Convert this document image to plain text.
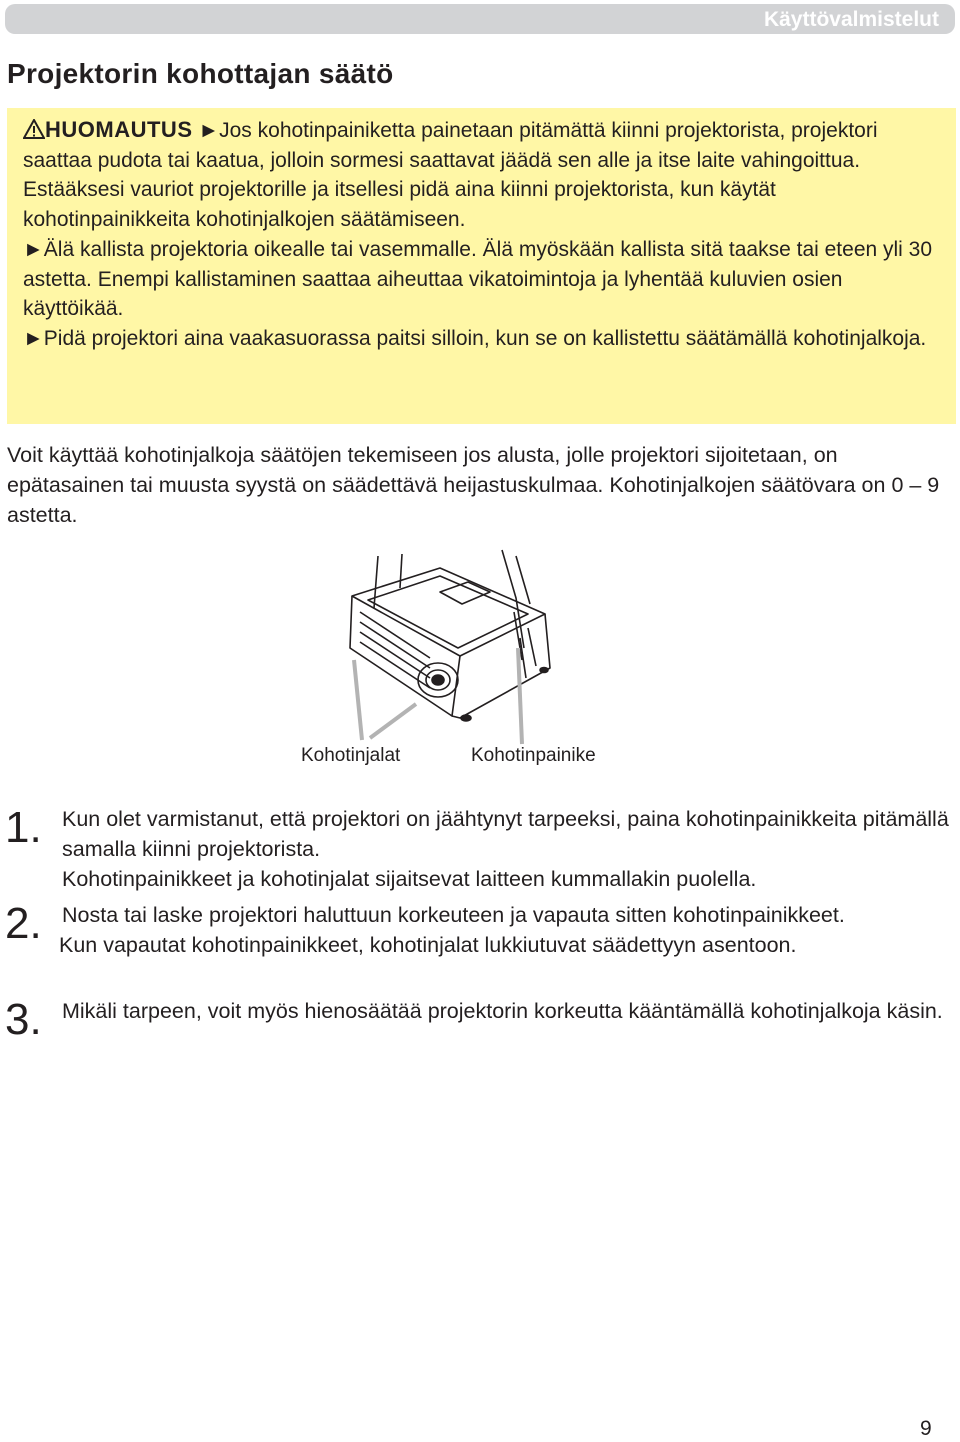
Käyttövalmistelut
Projektorin kohottajan säätö

HUOMAUTUS ►Jos kohotinpainiketta painetaan pitämättä kiinni projektorista, projektori saattaa pudota tai kaatua, jolloin sormesi saattavat jäädä sen alle ja itse laite vahingoittua. Estääksesi vauriot projektorille ja itsellesi pidä aina kiinni projektorista, kun käytät kohotinpainikkeita kohotinjalkojen säätämiseen.

►Älä kallista projektoria oikealle tai vasemmalle. Älä myöskään kallista sitä taakse tai eteen yli 30 astetta. Enempi kallistaminen saattaa aiheuttaa vikatoimintoja ja lyhentää kuluvien osien käyttöikää.

►Pidä projektori aina vaakasuorassa paitsi silloin, kun se on kallistettu säätämällä kohotinjalkoja.

Voit käyttää kohotinjalkoja säätöjen tekemiseen jos alusta, jolle projektori sijoitetaan, on epätasainen tai muusta syystä on säädettävä heijastuskulmaa. Kohotinjalkojen säätövara on 0 – 9 astetta.

Kohotinjalat	Kohotinpainike
1. Kun olet varmistanut, että projektori on jäähtynyt tarpeeksi, paina kohotinpainikkeita pitämällä samalla kiinni projektorista.

Kohotinpainikkeet ja kohotinjalat sijaitsevat laitteen kummallakin puolella.

2. Nosta tai laske projektori haluttuun korkeuteen ja vapauta sitten kohotinpainikkeet.

Kun vapautat kohotinpainikkeet, kohotinjalat lukkiutuvat säädettyyn asentoon.

3. Mikäli tarpeen, voit myös hienosäätää projektorin korkeutta kääntämällä kohotinjalkoja käsin.

9
